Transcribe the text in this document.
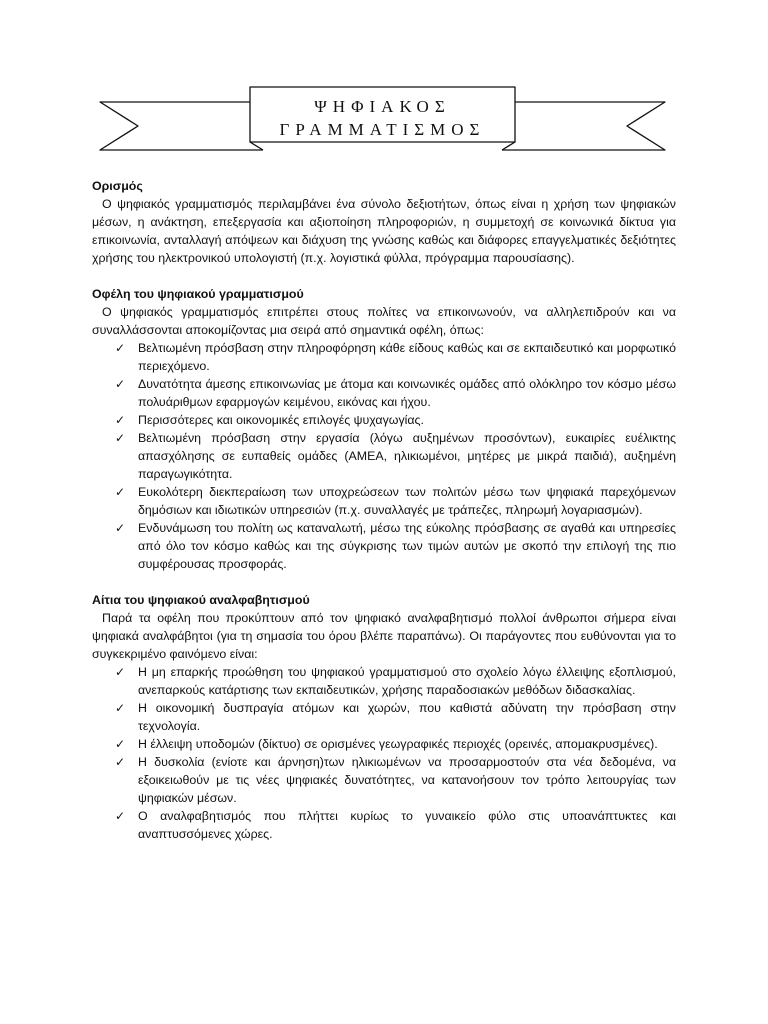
ΨΗΦΙΑΚΟΣ
ΓΡΑΜΜΑΤΙΣΜΟΣ

Ορισμός

Ο ψηφιακός γραμματισμός περιλαμβάνει ένα σύνολο δεξιοτήτων, όπως είναι η χρήση των ψηφιακών μέσων, η ανάκτηση, επεξεργασία και αξιοποίηση πληροφοριών, η συμμετοχή σε κοινωνικά δίκτυα για επικοινωνία, ανταλλαγή απόψεων και διάχυση της γνώσης καθώς και διάφορες επαγγελματικές δεξιότητες χρήσης του ηλεκτρονικού υπολογιστή (π.χ. λογιστικά φύλλα, πρόγραμμα παρουσίασης).

Οφέλη του ψηφιακού γραμματισμού

Ο ψηφιακός γραμματισμός επιτρέπει στους πολίτες να επικοινωνούν, να αλληλεπιδρούν και να συναλλάσσονται αποκομίζοντας μια σειρά από σημαντικά οφέλη, όπως:

✓ Βελτιωμένη πρόσβαση στην πληροφόρηση κάθε είδους καθώς και σε εκπαιδευτικό και μορφωτικό περιεχόμενο.
✓ Δυνατότητα άμεσης επικοινωνίας με άτομα και κοινωνικές ομάδες από ολόκληρο τον κόσμο μέσω πολυάριθμων εφαρμογών κειμένου, εικόνας και ήχου.
✓ Περισσότερες και οικονομικές επιλογές ψυχαγωγίας.
✓ Βελτιωμένη πρόσβαση στην εργασία (λόγω αυξημένων προσόντων), ευκαιρίες ευέλικτης απασχόλησης σε ευπαθείς ομάδες (ΑΜΕΑ, ηλικιωμένοι, μητέρες με μικρά παιδιά), αυξημένη παραγωγικότητα.
✓ Ευκολότερη διεκπεραίωση των υποχρεώσεων των πολιτών μέσω των ψηφιακά παρεχόμενων δημόσιων και ιδιωτικών υπηρεσιών (π.χ. συναλλαγές με τράπεζες, πληρωμή λογαριασμών).
✓ Ενδυνάμωση του πολίτη ως καταναλωτή, μέσω της εύκολης πρόσβασης σε αγαθά και υπηρεσίες από όλο τον κόσμο καθώς και της σύγκρισης των τιμών αυτών με σκοπό την επιλογή της πιο συμφέρουσας προσφοράς.

Αίτια του ψηφιακού αναλφαβητισμού

Παρά τα οφέλη που προκύπτουν από τον ψηφιακό αναλφαβητισμό πολλοί άνθρωποι σήμερα είναι ψηφιακά αναλφάβητοι (για τη σημασία του όρου βλέπε παραπάνω). Οι παράγοντες που ευθύνονται για το συγκεκριμένο φαινόμενο είναι:

✓ Η μη επαρκής προώθηση του ψηφιακού γραμματισμού στο σχολείο λόγω έλλειψης εξοπλισμού, ανεπαρκούς κατάρτισης των εκπαιδευτικών, χρήσης παραδοσιακών μεθόδων διδασκαλίας.
✓ Η οικονομική δυσπραγία ατόμων και χωρών, που καθιστά αδύνατη την πρόσβαση στην τεχνολογία.
✓ Η έλλειψη υποδομών (δίκτυο) σε ορισμένες γεωγραφικές περιοχές (ορεινές, απομακρυσμένες).
✓ Η δυσκολία (ενίοτε και άρνηση)των ηλικιωμένων να προσαρμοστούν στα νέα δεδομένα, να εξοικειωθούν με τις νέες ψηφιακές δυνατότητες, να κατανοήσουν τον τρόπο λειτουργίας των ψηφιακών μέσων.
✓ Ο αναλφαβητισμός που πλήττει κυρίως το γυναικείο φύλο στις υποανάπτυκτες και αναπτυσσόμενες χώρες.
